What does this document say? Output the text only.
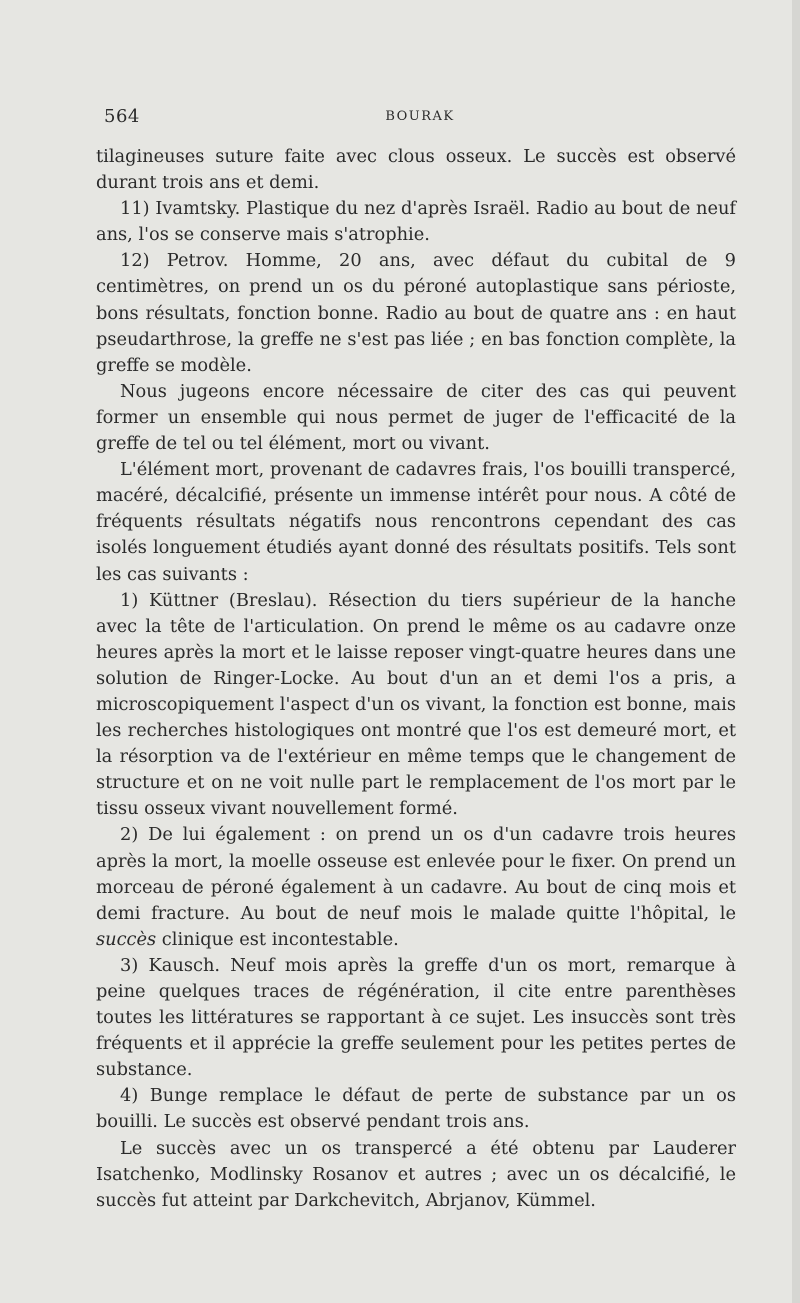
564	BOURAK

tilagineuses suture faite avec clous osseux. Le succès est observé durant trois ans et demi.

11) Ivamtsky. Plastique du nez d'après Israël. Radio au bout de neuf ans, l'os se conserve mais s'atrophie.

12) Petrov. Homme, 20 ans, avec défaut du cubital de 9 centimètres, on prend un os du péroné autoplastique sans périoste, bons résultats, fonction bonne. Radio au bout de quatre ans : en haut pseudarthrose, la greffe ne s'est pas liée ; en bas fonction complète, la greffe se modèle.

Nous jugeons encore nécessaire de citer des cas qui peuvent former un ensemble qui nous permet de juger de l'efficacité de la greffe de tel ou tel élément, mort ou vivant.

L'élément mort, provenant de cadavres frais, l'os bouilli transpercé, macéré, décalcifié, présente un immense intérêt pour nous. A côté de fréquents résultats négatifs nous rencontrons cependant des cas isolés longuement étudiés ayant donné des résultats positifs. Tels sont les cas suivants :

1) Küttner (Breslau). Résection du tiers supérieur de la hanche avec la tête de l'articulation. On prend le même os au cadavre onze heures après la mort et le laisse reposer vingt-quatre heures dans une solution de Ringer-Locke. Au bout d'un an et demi l'os a pris, a microscopiquement l'aspect d'un os vivant, la fonction est bonne, mais les recherches histologiques ont montré que l'os est demeuré mort, et la résorption va de l'extérieur en même temps que le changement de structure et on ne voit nulle part le remplacement de l'os mort par le tissu osseux vivant nouvellement formé.

2) De lui également : on prend un os d'un cadavre trois heures après la mort, la moelle osseuse est enlevée pour le fixer. On prend un morceau de péroné également à un cadavre. Au bout de cinq mois et demi fracture. Au bout de neuf mois le malade quitte l'hôpital, le succès clinique est incontestable.

3) Kausch. Neuf mois après la greffe d'un os mort, remarque à peine quelques traces de régénération, il cite entre parenthèses toutes les littératures se rapportant à ce sujet. Les insuccès sont très fréquents et il apprécie la greffe seulement pour les petites pertes de substance.

4) Bunge remplace le défaut de perte de substance par un os bouilli. Le succès est observé pendant trois ans.

Le succès avec un os transpercé a été obtenu par Lauderer Isatchenko, Modlinsky Rosanov et autres ; avec un os décalcifié, le succès fut atteint par Darkchevitch, Abrjanov, Kümmel.
